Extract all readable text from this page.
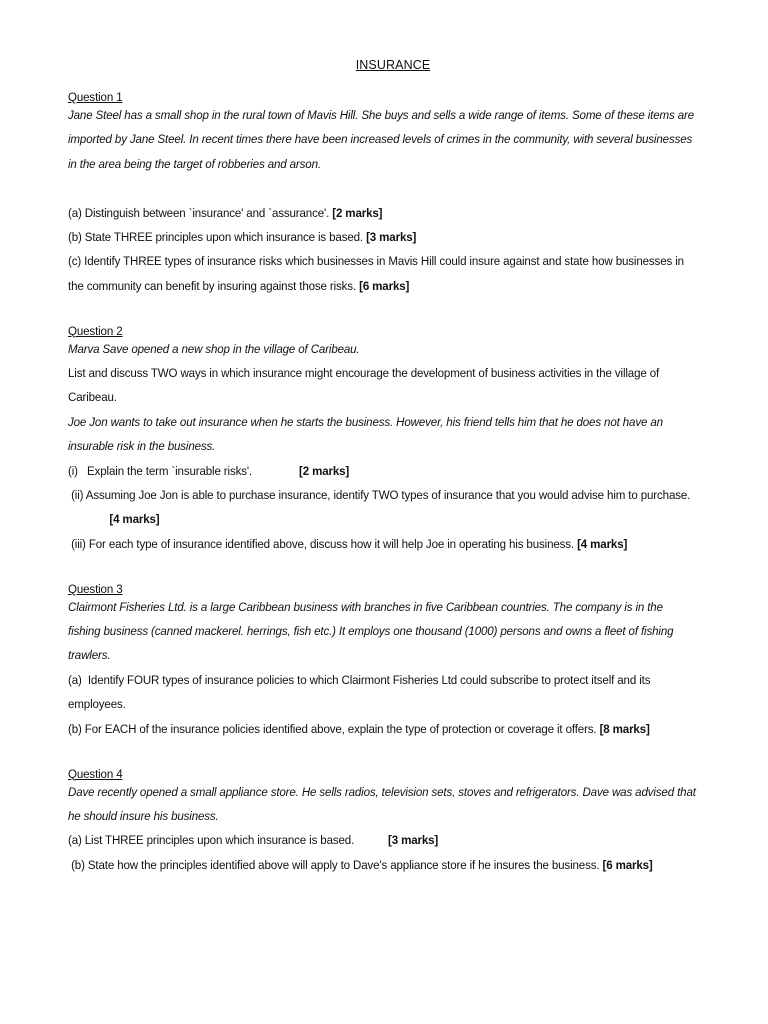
INSURANCE
Question 1
Jane Steel has a small shop in the rural town of Mavis Hill. She buys and sells a wide range of items. Some of these items are
imported by Jane Steel. In recent times there have been increased levels of crimes in the community, with several businesses
in the area being the target of robberies and arson.
(a) Distinguish between `insurance' and `assurance'. [2 marks]
(b) State THREE principles upon which insurance is based. [3 marks]
(c) Identify THREE types of insurance risks which businesses in Mavis Hill could insure against and state how businesses in
the community can benefit by insuring against those risks. [6 marks]
Question 2
Marva Save opened a new shop in the village of Caribeau.
List and discuss TWO ways in which insurance might encourage the development of business activities in the village of
Caribeau.
Joe Jon wants to take out insurance when he starts the business. However, his friend tells him that he does not have an
insurable risk in the business.
(i)   Explain the term `insurable risks'.	[2 marks]
(ii) Assuming Joe Jon is able to purchase insurance, identify TWO types of insurance that you would advise him to purchase.
[4 marks]
(iii) For each type of insurance identified above, discuss how it will help Joe in operating his business. [4 marks]
Question 3
Clairmont Fisheries Ltd. is a large Caribbean business with branches in five Caribbean countries. The company is in the
fishing business (canned mackerel. herrings, fish etc.) It employs one thousand (1000) persons and owns a fleet of fishing
trawlers.
(a)  Identify FOUR types of insurance policies to which Clairmont Fisheries Ltd could subscribe to protect itself and its
employees.
(b) For EACH of the insurance policies identified above, explain the type of protection or coverage it offers. [8 marks]
Question 4
Dave recently opened a small appliance store. He sells radios, television sets, stoves and refrigerators. Dave was advised that
he should insure his business.
(a) List THREE principles upon which insurance is based.	[3 marks]
(b) State how the principles identified above will apply to Dave's appliance store if he insures the business. [6 marks]
